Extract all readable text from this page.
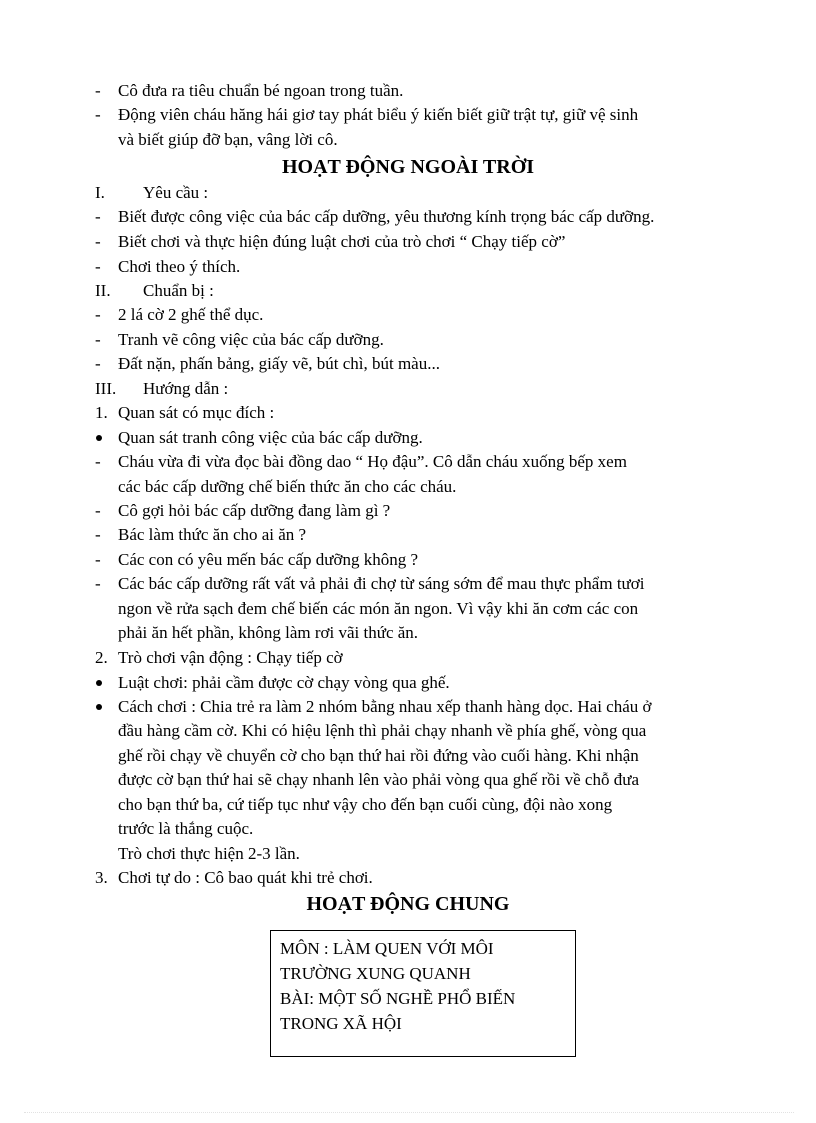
- Cô đưa ra tiêu chuẩn bé ngoan trong tuần.
- Động viên cháu hăng hái giơ tay phát biểu ý kiến biết giữ trật tự, giữ vệ sinh
và biết giúp đỡ bạn, vâng lời cô.
HOẠT ĐỘNG NGOÀI TRỜI
I. Yêu cầu :
- Biết được công việc của bác cấp dưỡng, yêu thương kính trọng bác cấp dưỡng.
- Biết chơi và thực hiện đúng luật chơi của trò chơi “ Chạy tiếp cờ”
- Chơi theo ý thích.
II. Chuẩn bị :
- 2 lá cờ 2 ghế thể dục.
- Tranh vẽ công việc của bác cấp dưỡng.
- Đất nặn, phấn bảng, giấy vẽ, bút chì, bút màu...
III. Hướng dẫn :
1. Quan sát có mục đích :
Quan sát tranh công việc của bác cấp dưỡng.
- Cháu vừa đi vừa đọc bài đồng dao “ Họ đậu”. Cô dẫn cháu xuống bếp xem
các bác cấp dưỡng chế biến thức ăn cho các cháu.
- Cô gợi hỏi bác cấp dưỡng đang làm gì ?
- Bác làm thức ăn cho ai ăn ?
- Các con có yêu mến bác cấp dưỡng không ?
- Các bác cấp dưỡng rất vất vả phải đi chợ từ sáng sớm để mau thực phẩm tươi
ngon về rửa sạch đem chế biến các món ăn ngon. Vì vậy khi ăn cơm các con
phải ăn hết phần, không làm rơi vãi thức ăn.
2. Trò chơi vận động : Chạy tiếp cờ
Luật chơi: phải cầm được cờ chạy vòng qua ghế.
Cách chơi : Chia trẻ ra làm 2 nhóm bằng nhau xếp thanh hàng dọc. Hai cháu ở
đầu hàng cầm cờ. Khi có hiệu lệnh thì phải chạy nhanh về phía ghế, vòng qua
ghế rồi chạy về chuyển cờ cho bạn thứ hai rồi đứng vào cuối hàng. Khi nhận
được cờ bạn thứ hai sẽ chạy nhanh lên vào phải vòng qua ghế rồi về chỗ đưa
cho bạn thứ ba, cứ tiếp tục như vậy cho đến bạn cuối cùng, đội nào xong
trước là thắng cuộc.
Trò chơi thực hiện 2-3 lần.
3. Chơi tự do : Cô bao quát khi trẻ chơi.
HOẠT ĐỘNG CHUNG
MÔN : LÀM QUEN VỚI MÔI
TRƯỜNG XUNG QUANH
BÀI: MỘT SỐ NGHỀ PHỔ BIẾN
TRONG XÃ HỘI
